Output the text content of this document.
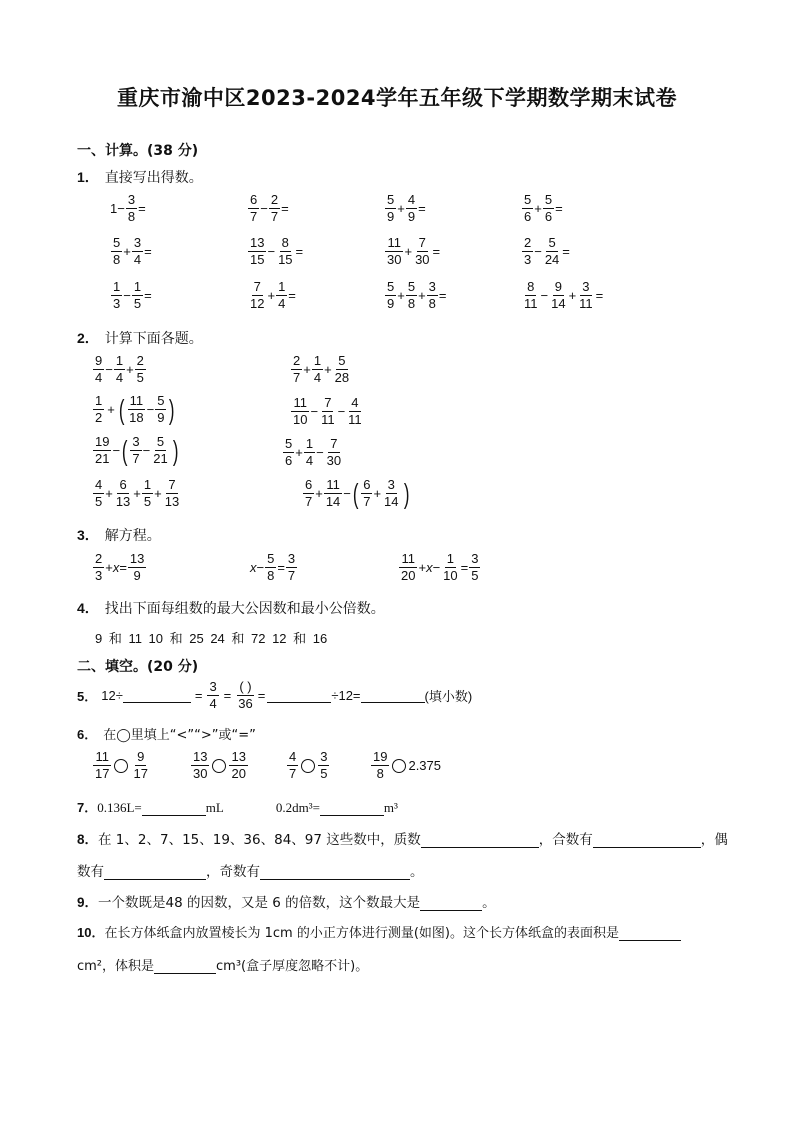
重庆市渝中区2023-2024学年五年级下学期数学期末试卷
一、计算。(38 分)
1． 直接写出得数。
$1- \frac{3}{8}$ =	$\frac{6}{7} - \frac{2}{7}$ =	$\frac{5}{9} + \frac{4}{9}$ =	$\frac{5}{6} + \frac{5}{6}$ =
$\frac{5}{8} + \frac{3}{4}$ =	$\frac{13}{15} - \frac{8}{15}$ =	$\frac{11}{30} + \frac{7}{30}$ =	$\frac{2}{3} - \frac{5}{24}$ =
$\frac{1}{3} - \frac{1}{5}$ =	$\frac{7}{12} + \frac{1}{4}$ =	$\frac{5}{9} + \frac{5}{8} + \frac{3}{8}$ =	$\frac{8}{11} - \frac{9}{14} + \frac{3}{11}$ =
2． 计算下面各题。
$\frac{9}{4} - \frac{1}{4} + \frac{2}{5}$	$\frac{2}{7} + \frac{1}{4} + \frac{5}{28}$
$\frac{1}{2}$ + ( $\frac{11}{18} - \frac{5}{9}$ )	$\frac{11}{10} - \frac{7}{11} - \frac{4}{11}$
$\frac{19}{21}$ − ( $\frac{3}{7} - \frac{5}{21}$ )	$\frac{5}{6} + \frac{1}{4} - \frac{7}{30}$
$\frac{4}{5} + \frac{6}{13} + \frac{1}{5} + \frac{7}{13}$	$\frac{6}{7} + \frac{11}{14}$ − ( $\frac{6}{7} + \frac{3}{14}$ )
3． 解方程。
$\frac{2}{3} + x = \frac{13}{9}$	$x - \frac{5}{8} = \frac{3}{7}$	$\frac{11}{20} + x - \frac{1}{10} = \frac{3}{5}$
4． 找出下面每组数的最大公因数和最小公倍数。
9 和 11 10 和 25 24 和 72 12 和 16
二、填空。(20 分)
5． 12÷	= $\frac{3}{4} = \frac{( )}{36}$ =	÷12=	(填小数)
6． 在◯里填上“<”“>”或“=”
$\frac{11}{17} \frac{9}{17}$	$\frac{13}{30} \frac{13}{20}$	$\frac{4}{7} \frac{3}{5}$	$\frac{19}{8} 2.375$
7．0.136L=	mL	0.2dm³=	m³
8．在 1、2、7、15、19、36、84、97 这些数中，质数	，合数有	，偶
数有	，奇数有	。
9．一个数既是48 的因数，又是 6 的倍数，这个数最大是	。
10．在长方体纸盒内放置棱长为 1cm 的小正方体进行测量(如图)。这个长方体纸盒的表面积是
cm²，体积是	cm³(盒子厚度忽略不计)。
